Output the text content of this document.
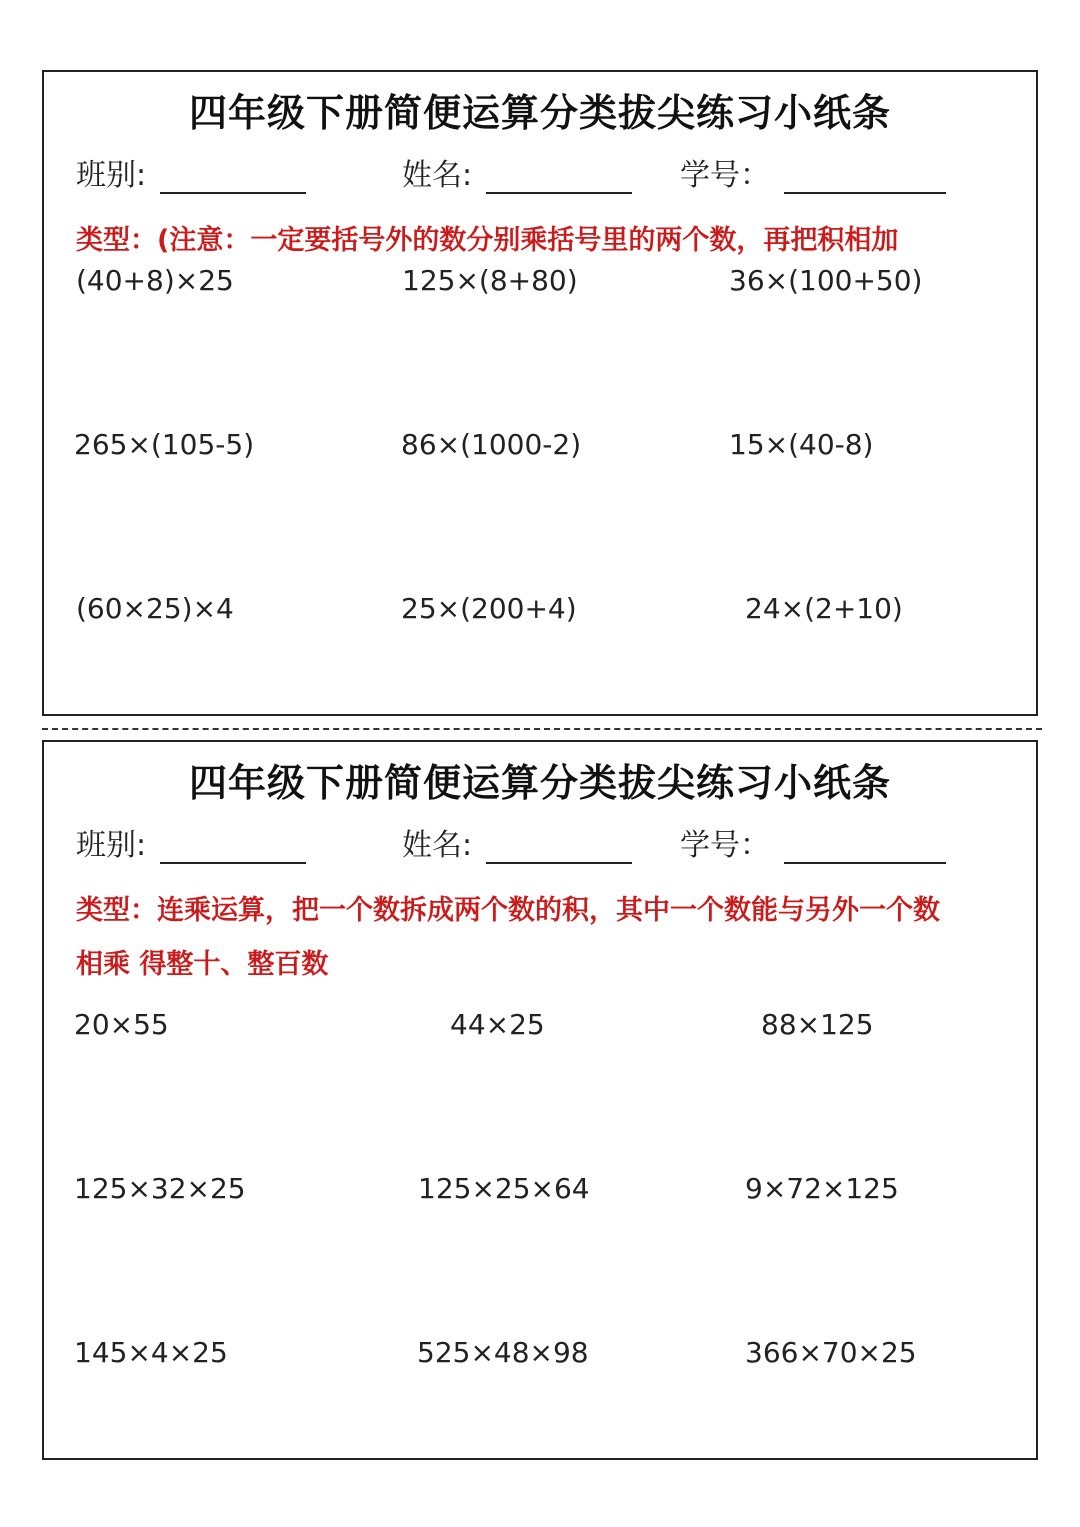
四年级下册简便运算分类拔尖练习小纸条
班别:	姓名:	学号：
类型：(注意：一定要括号外的数分别乘括号里的两个数，再把积相加
(40+8)×25	125×(8+80)	36×(100+50)
265×(105-5)	86×(1000-2)	15×(40-8)
(60×25)×4	25×(200+4)	24×(2+10)
四年级下册简便运算分类拔尖练习小纸条
班别:	姓名:	学号：
类型：连乘运算，把一个数拆成两个数的积，其中一个数能与另外一个数
相乘 得整十、整百数
20×55	44×25	88×125
125×32×25	125×25×64	9×72×125
145×4×25	525×48×98	366×70×25
